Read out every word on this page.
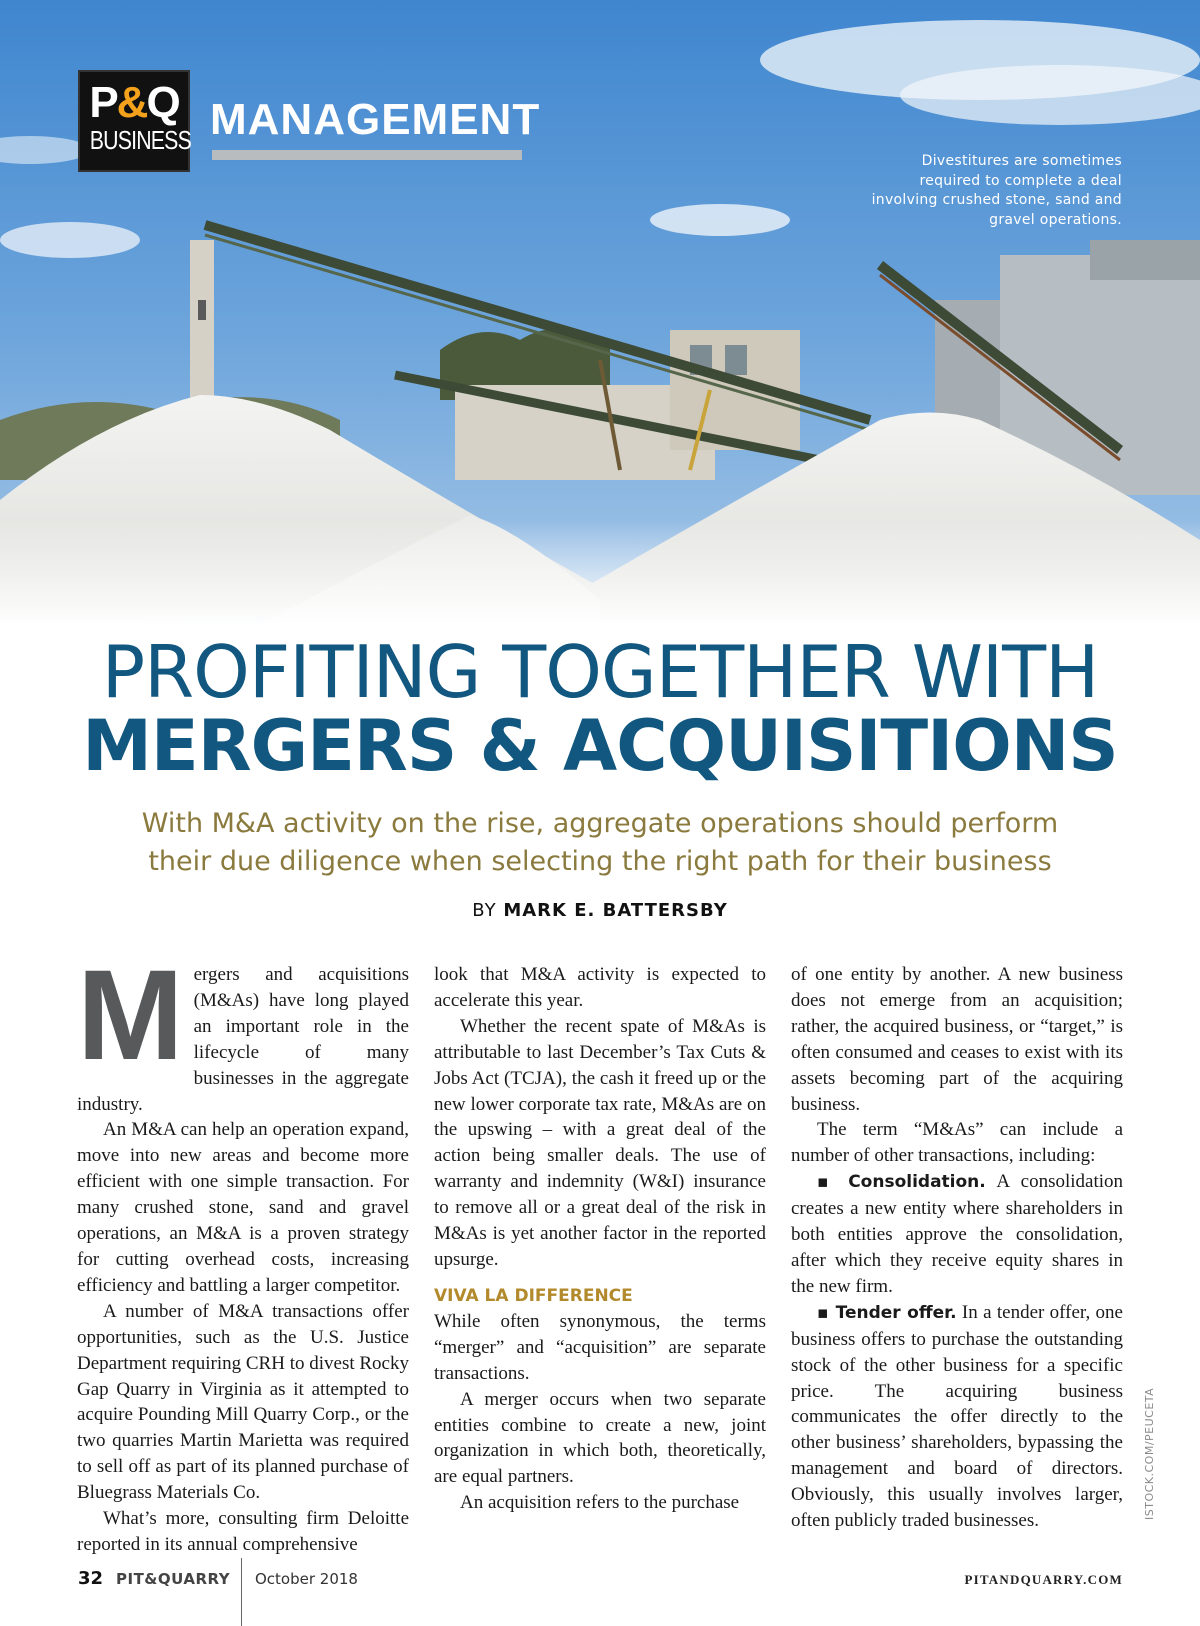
P&Q
BUSINESS MANAGEMENT
Divestitures are sometimes required to complete a deal involving crushed stone, sand and gravel operations.
PROFITING TOGETHER WITH
MERGERS & ACQUISITIONS
With M&A activity on the rise, aggregate operations should perform
their due diligence when selecting the right path for their business
BY MARK E. BATTERSBY

Mergers and acquisitions (M&As) have long played an important role in the lifecycle of many businesses in the aggregate industry.

An M&A can help an operation expand, move into new areas and become more efficient with one simple transaction. For many crushed stone, sand and gravel operations, an M&A is a proven strategy for cutting overhead costs, increasing efficiency and battling a larger competitor.

A number of M&A transactions offer opportunities, such as the U.S. Justice Department requiring CRH to divest Rocky Gap Quarry in Virginia as it attempted to acquire Pounding Mill Quarry Corp., or the two quarries Martin Marietta was required to sell off as part of its planned purchase of Bluegrass Materials Co.

What’s more, consulting firm Deloitte reported in its annual comprehensive

look that M&A activity is expected to accelerate this year.

Whether the recent spate of M&As is attributable to last December’s Tax Cuts & Jobs Act (TCJA), the cash it freed up or the new lower corporate tax rate, M&As are on the upswing – with a great deal of the action being smaller deals. The use of warranty and indemnity (W&I) insurance to remove all or a great deal of the risk in M&As is yet another factor in the reported upsurge.

VIVA LA DIFFERENCE

While often synonymous, the terms “merger” and “acquisition” are separate transactions.

A merger occurs when two separate entities combine to create a new, joint organization in which both, theoretically, are equal partners.

An acquisition refers to the purchase

of one entity by another. A new business does not emerge from an acquisition; rather, the acquired business, or “target,” is often consumed and ceases to exist with its assets becoming part of the acquiring business.

The term “M&As” can include a number of other transactions, including:

▪ Consolidation. A consolidation creates a new entity where shareholders in both entities approve the consolidation, after which they receive equity shares in the new firm.

▪ Tender offer. In a tender offer, one business offers to purchase the outstanding stock of the other business for a specific price. The acquiring business communicates the offer directly to the other business’ shareholders, bypassing the management and board of directors. Obviously, this usually involves larger, often publicly traded businesses.

ISTOCK.COM/PEUCETA
32 PIT&QUARRY October 2018	PITANDQUARRY.COM
